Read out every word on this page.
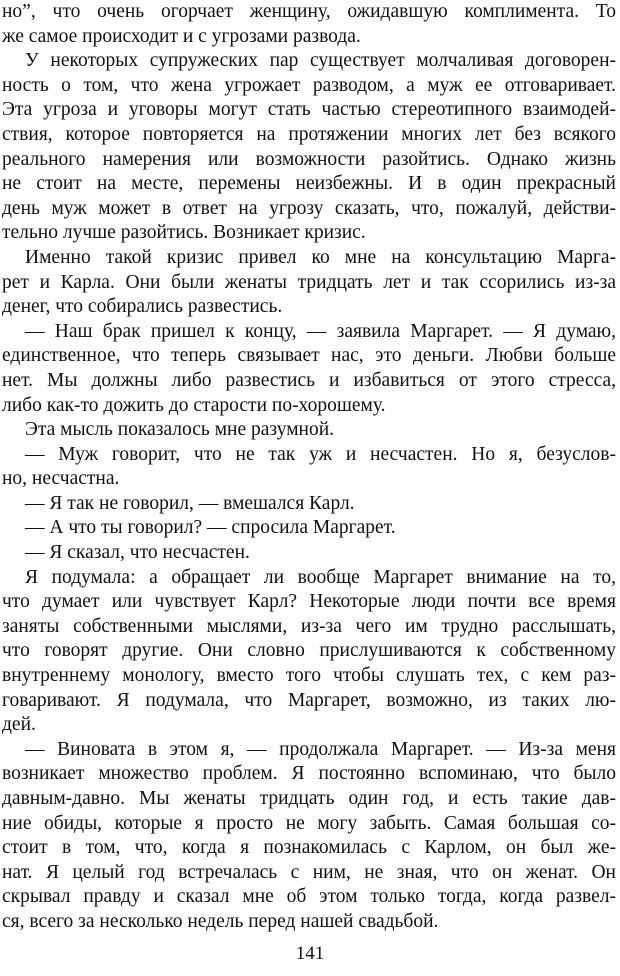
но”, что очень огорчает женщину, ожидавшую комплимента. То
же самое происходит и с угрозами развода.
У некоторых супружеских пар существует молчаливая договорен-
ность о том, что жена угрожает разводом, а муж ее отговаривает.
Эта угроза и уговоры могут стать частью стереотипного взаимодей-
ствия, которое повторяется на протяжении многих лет без всякого
реального намерения или возможности разойтись. Однако жизнь
не стоит на месте, перемены неизбежны. И в один прекрасный
день муж может в ответ на угрозу сказать, что, пожалуй, действи-
тельно лучше разойтись. Возникает кризис.
Именно такой кризис привел ко мне на консультацию Марга-
рет и Карла. Они были женаты тридцать лет и так ссорились из-за
денег, что собирались развестись.
— Наш брак пришел к концу, — заявила Маргарет. — Я думаю,
единственное, что теперь связывает нас, это деньги. Любви больше
нет. Мы должны либо развестись и избавиться от этого стресса,
либо как-то дожить до старости по-хорошему.
Эта мысль показалось мне разумной.
— Муж говорит, что не так уж и несчастен. Но я, безуслов-
но, несчастна.
— Я так не говорил, — вмешался Карл.
— А что ты говорил? — спросила Маргарет.
— Я сказал, что несчастен.
Я подумала: а обращает ли вообще Маргарет внимание на то,
что думает или чувствует Карл? Некоторые люди почти все время
заняты собственными мыслями, из-за чего им трудно расслышать,
что говорят другие. Они словно прислушиваются к собственному
внутреннему монологу, вместо того чтобы слушать тех, с кем раз-
говаривают. Я подумала, что Маргарет, возможно, из таких лю-
дей.
— Виновата в этом я, — продолжала Маргарет. — Из-за меня
возникает множество проблем. Я постоянно вспоминаю, что было
давным-давно. Мы женаты тридцать один год, и есть такие дав-
ние обиды, которые я просто не могу забыть. Самая большая со-
стоит в том, что, когда я познакомилась с Карлом, он был же-
нат. Я целый год встречалась с ним, не зная, что он женат. Он
скрывал правду и сказал мне об этом только тогда, когда развел-
ся, всего за несколько недель перед нашей свадьбой.
141
